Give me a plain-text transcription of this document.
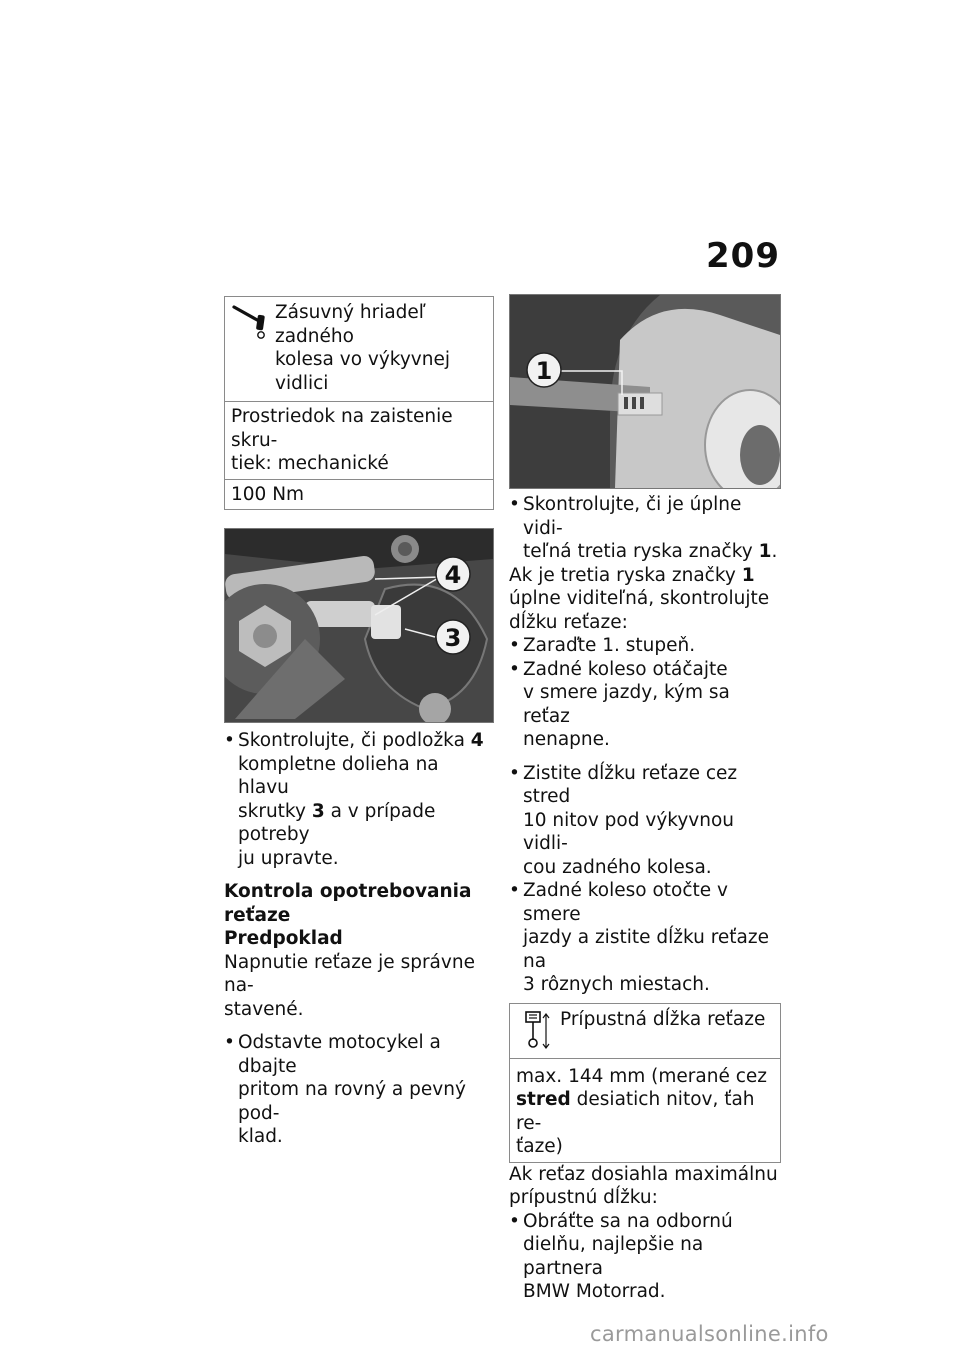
209
Zásuvný hriadeľ zadného
kolesa vo výkyvnej vidlici
Prostriedok na zaistenie skru-
tiek: mechanické
100 Nm
4
3
• Skontrolujte, či podložka 4
kompletne dolieha na hlavu
skrutky 3 a v prípade potreby
ju upravte.
Kontrola opotrebovania
reťaze
Predpoklad
Napnutie reťaze je správne na-
stavené.
• Odstavte motocykel a dbajte
pritom na rovný a pevný pod-
klad.
1
• Skontrolujte, či je úplne vidi-
teľná tretia ryska značky 1.
Ak je tretia ryska značky 1
úplne viditeľná, skontrolujte
dĺžku reťaze:
• Zaraďte 1. stupeň.
• Zadné koleso otáčajte
v smere jazdy, kým sa reťaz
nenapne.
• Zistite dĺžku reťaze cez stred
10 nitov pod výkyvnou vidli-
cou zadného kolesa.
• Zadné koleso otočte v smere
jazdy a zistite dĺžku reťaze na
3 rôznych miestach.
Prípustná dĺžka reťaze
max. 144 mm (merané cez
stred desiatich nitov, ťah re-
ťaze)
Ak reťaz dosiahla maximálnu
prípustnú dĺžku:
• Obráťte sa na odbornú
dielňu, najlepšie na partnera
BMW Motorrad.
carmanualsonline.info
